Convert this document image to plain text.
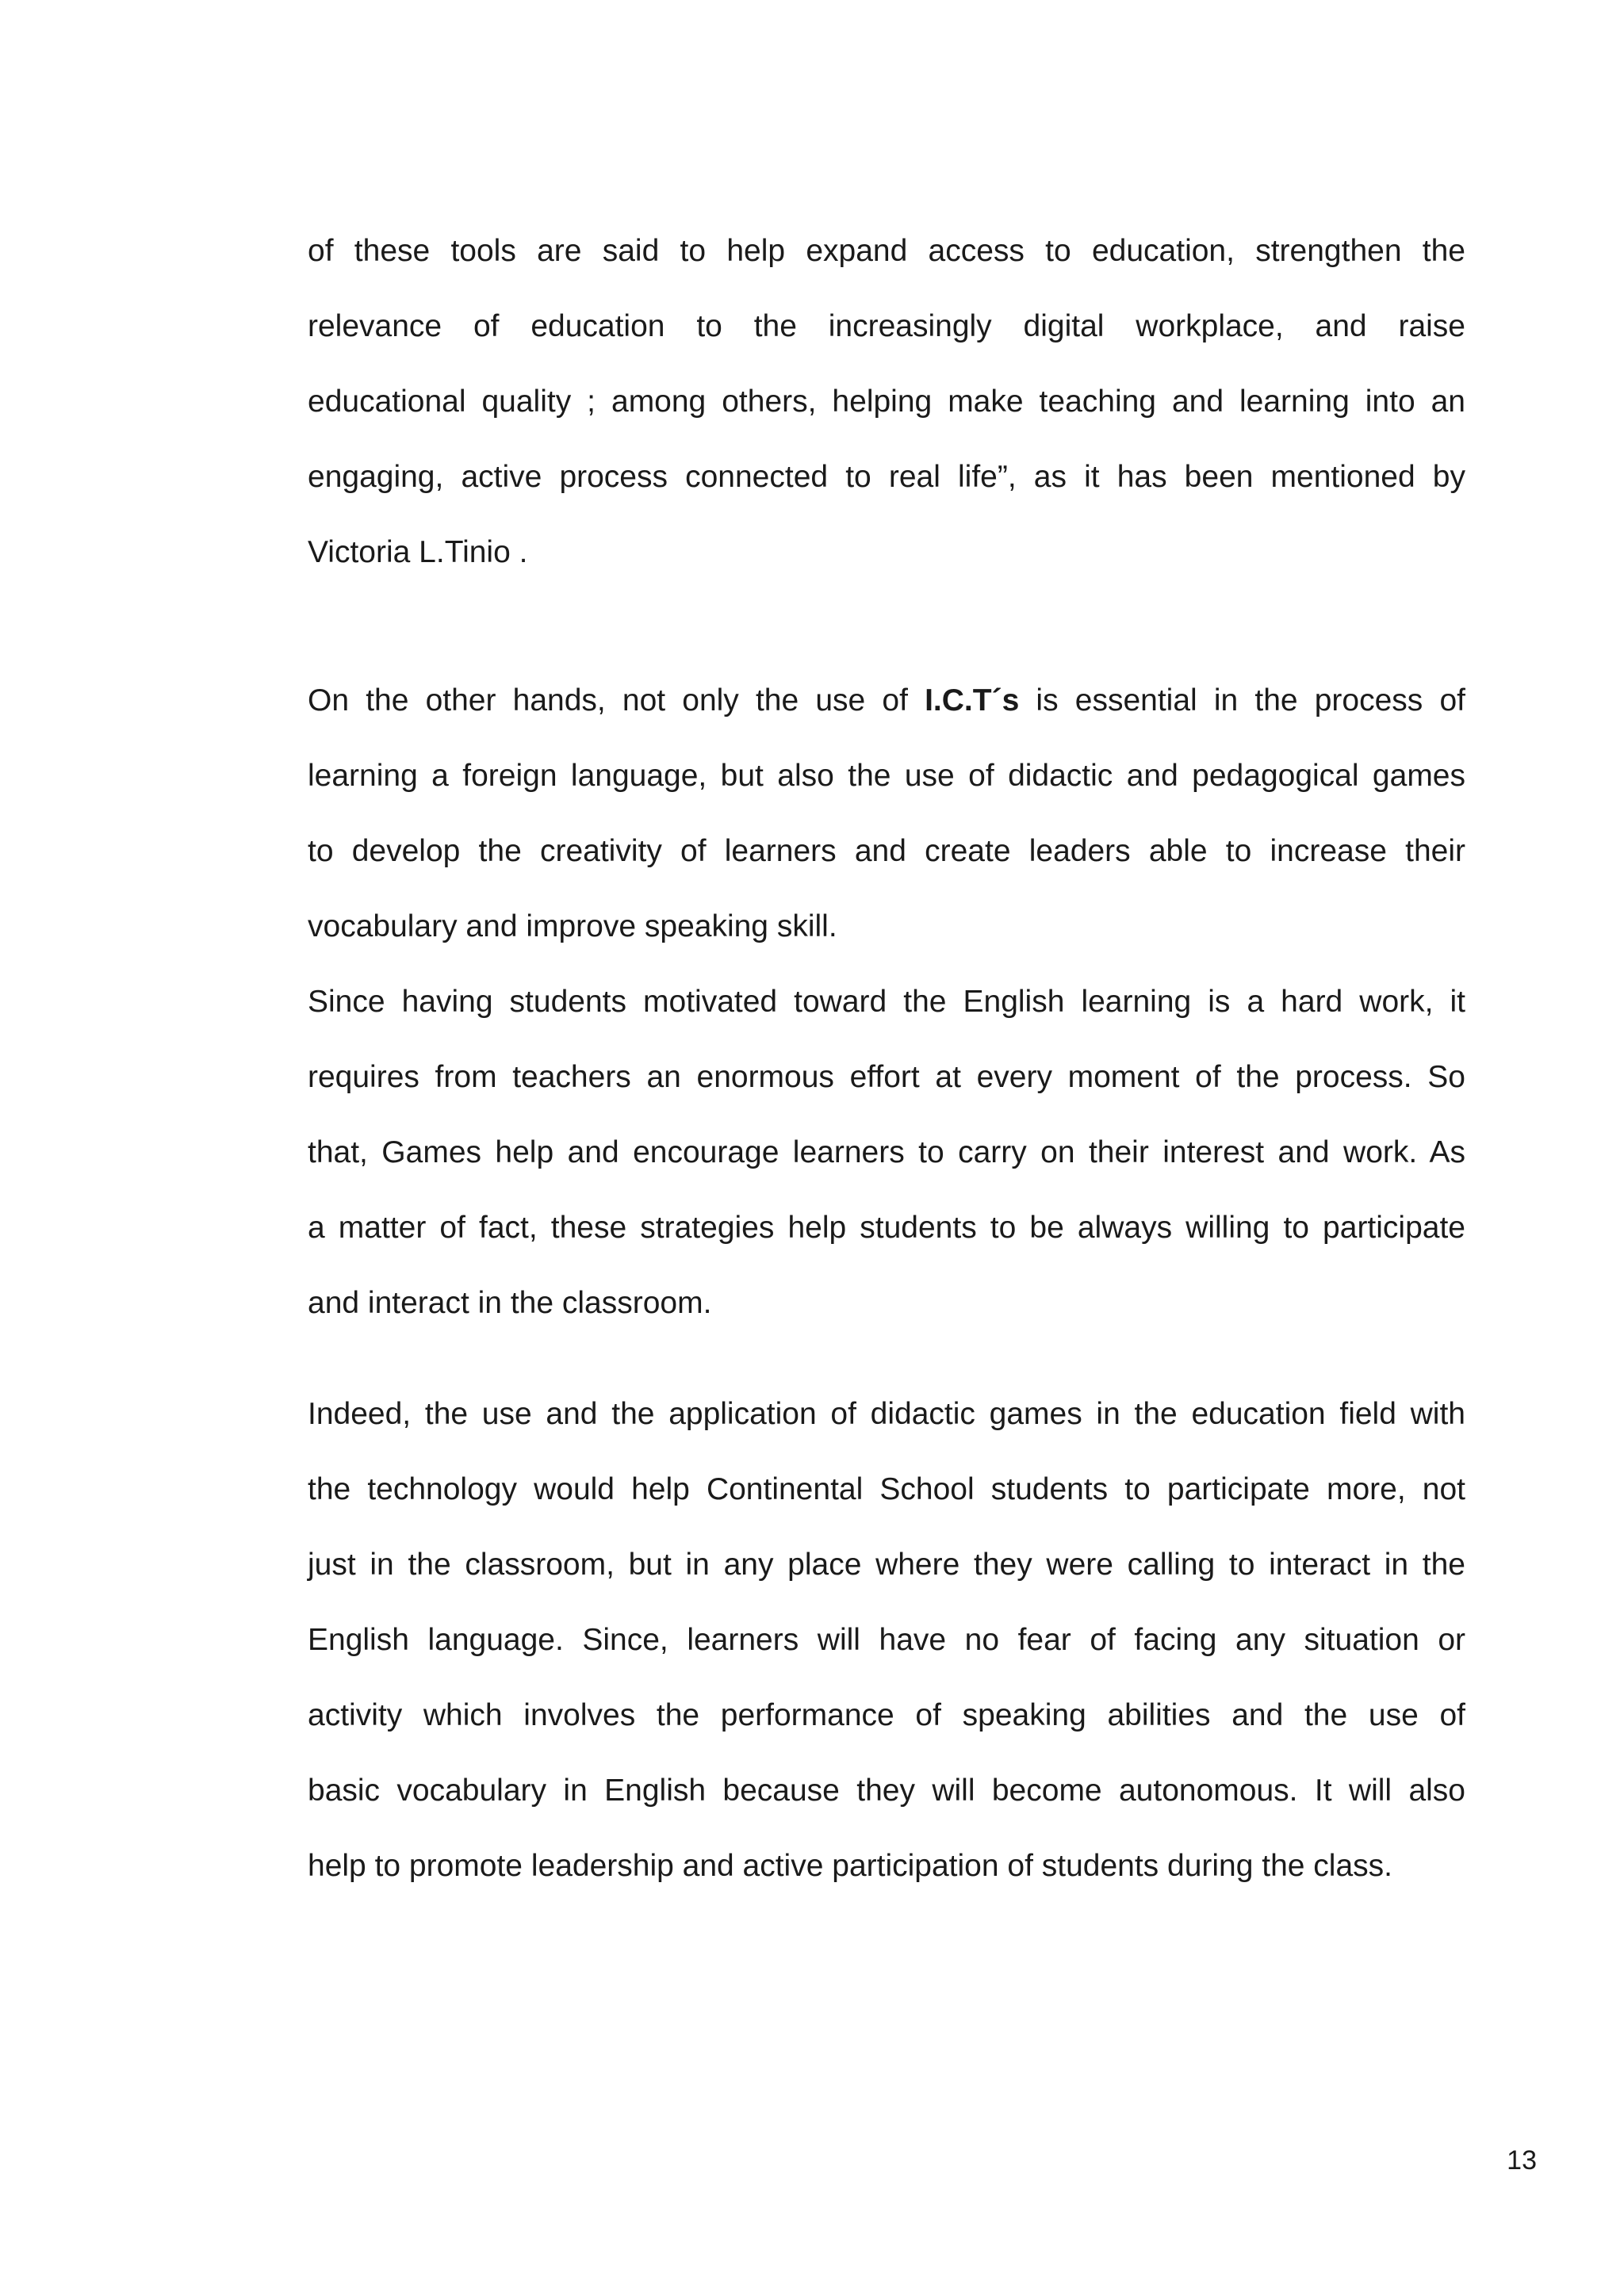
of these tools are said to help expand access to education, strengthen the
relevance of education to the increasingly digital workplace, and raise
educational quality ; among others, helping make teaching and learning into an
engaging, active process connected to real life”, as it has been mentioned by
Victoria L.Tinio .
On the other hands, not only the use of I.C.T´s is essential in the process of
learning a foreign language, but also the use of didactic and pedagogical games
to develop the creativity of learners and create leaders able to increase their
vocabulary and improve speaking skill.
Since having students motivated toward the English learning is a hard work, it
requires from teachers an enormous effort at every moment of the process. So
that, Games help and encourage learners to carry on their interest and work. As
a matter of fact, these strategies help students to be always willing to participate
and interact in the classroom.
Indeed, the use and the application of didactic games in the education field with
the technology would help Continental School students to participate more, not
just in the classroom, but in any place where they were calling to interact in the
English language. Since, learners will have no fear of facing any situation or
activity which involves the performance of speaking abilities and the use of
basic vocabulary in English because they will become autonomous. It will also
help to promote leadership and active participation of students during the class.
13
